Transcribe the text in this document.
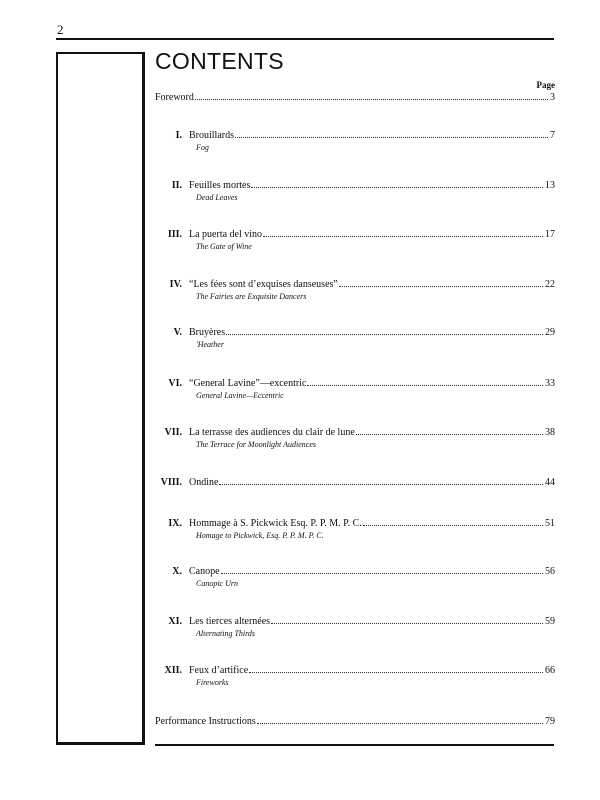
2
CONTENTS
Page
Foreword	3
I. Brouillards	7
Fog
II. Feuilles mortes	13
Dead Leaves
III. La puerta del vino	17
The Gate of Wine
IV. “Les fées sont d’exquises danseuses”	22
The Fairies are Exquisite Dancers
V. Bruyères	29
'Heather
VI. “General Lavine”—excentric	33
General Lavine—Eccentric
VII. La terrasse des audiences du clair de lune	38
The Terrace for Moonlight Audiences
VIII. Ondine	44
IX. Hommage à S. Pickwick Esq. P. P. M. P. C.	51
Homage to Pickwick, Esq. P. P. M. P. C.
X. Canope	56
Canopic Urn
XI. Les tierces alternées	59
Alternating Thirds
XII. Feux d’artifice	66
Fireworks
Performance Instructions	79
